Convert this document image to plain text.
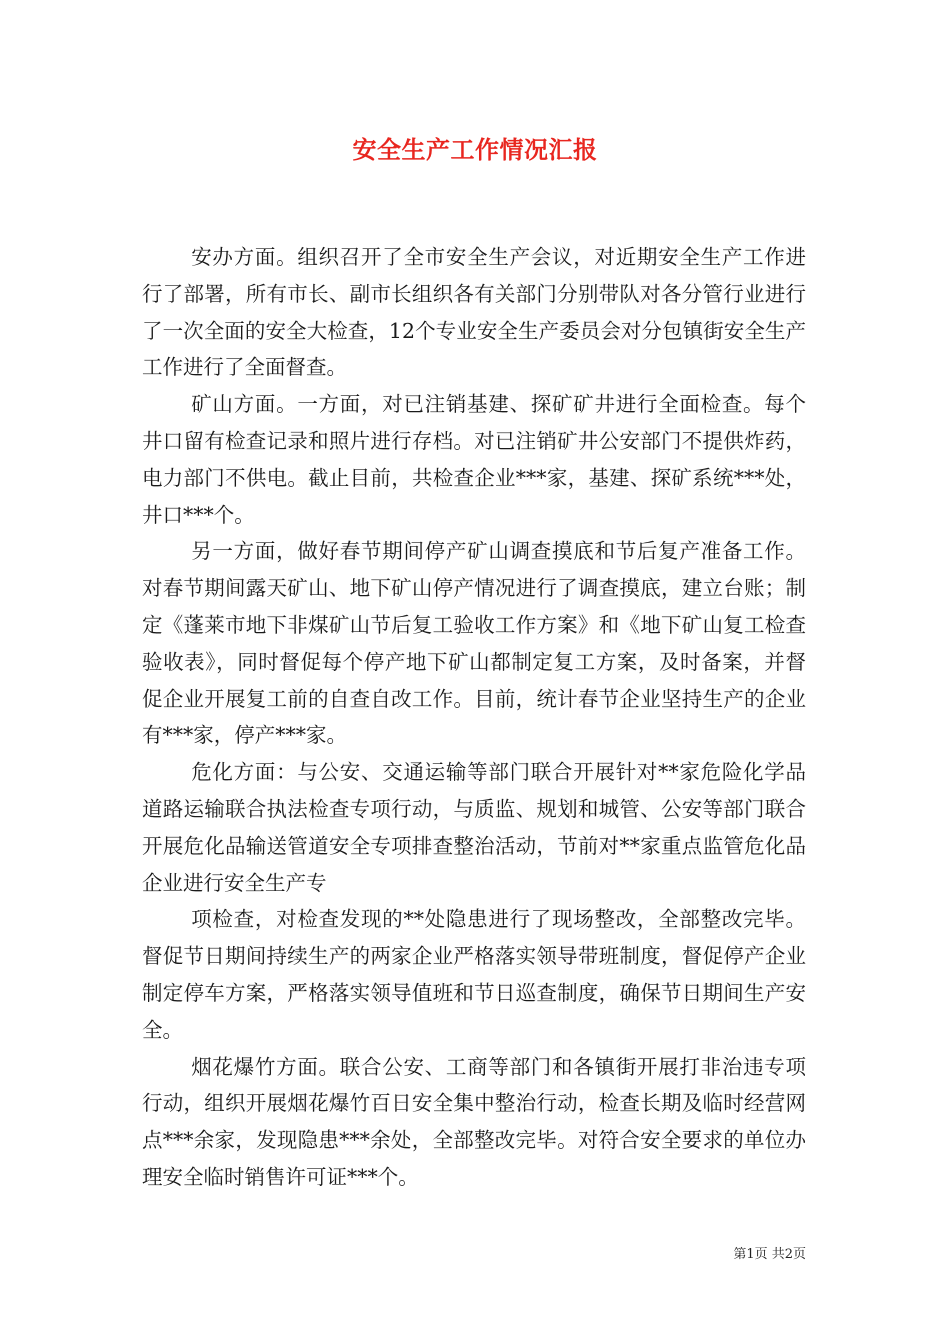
安全生产工作情况汇报

安办方面。组织召开了全市安全生产会议，对近期安全生产工作进行了部署，所有市长、副市长组织各有关部门分别带队对各分管行业进行了一次全面的安全大检查，12个专业安全生产委员会对分包镇街安全生产工作进行了全面督查。

矿山方面。一方面，对已注销基建、探矿矿井进行全面检查。每个井口留有检查记录和照片进行存档。对已注销矿井公安部门不提供炸药，电力部门不供电。截止目前，共检查企业***家，基建、探矿系统***处，井口***个。

另一方面，做好春节期间停产矿山调查摸底和节后复产准备工作。对春节期间露天矿山、地下矿山停产情况进行了调查摸底，建立台账；制定《蓬莱市地下非煤矿山节后复工验收工作方案》和《地下矿山复工检查验收表》，同时督促每个停产地下矿山都制定复工方案，及时备案，并督促企业开展复工前的自查自改工作。目前，统计春节企业坚持生产的企业有***家，停产***家。

危化方面：与公安、交通运输等部门联合开展针对**家危险化学品道路运输联合执法检查专项行动，与质监、规划和城管、公安等部门联合开展危化品输送管道安全专项排查整治活动，节前对**家重点监管危化品企业进行安全生产专

项检查，对检查发现的**处隐患进行了现场整改，全部整改完毕。督促节日期间持续生产的两家企业严格落实领导带班制度，督促停产企业制定停车方案，严格落实领导值班和节日巡查制度，确保节日期间生产安全。

烟花爆竹方面。联合公安、工商等部门和各镇街开展打非治违专项行动，组织开展烟花爆竹百日安全集中整治行动，检查长期及临时经营网点***余家，发现隐患***余处，全部整改完毕。对符合安全要求的单位办理安全临时销售许可证***个。

第1页 共2页
